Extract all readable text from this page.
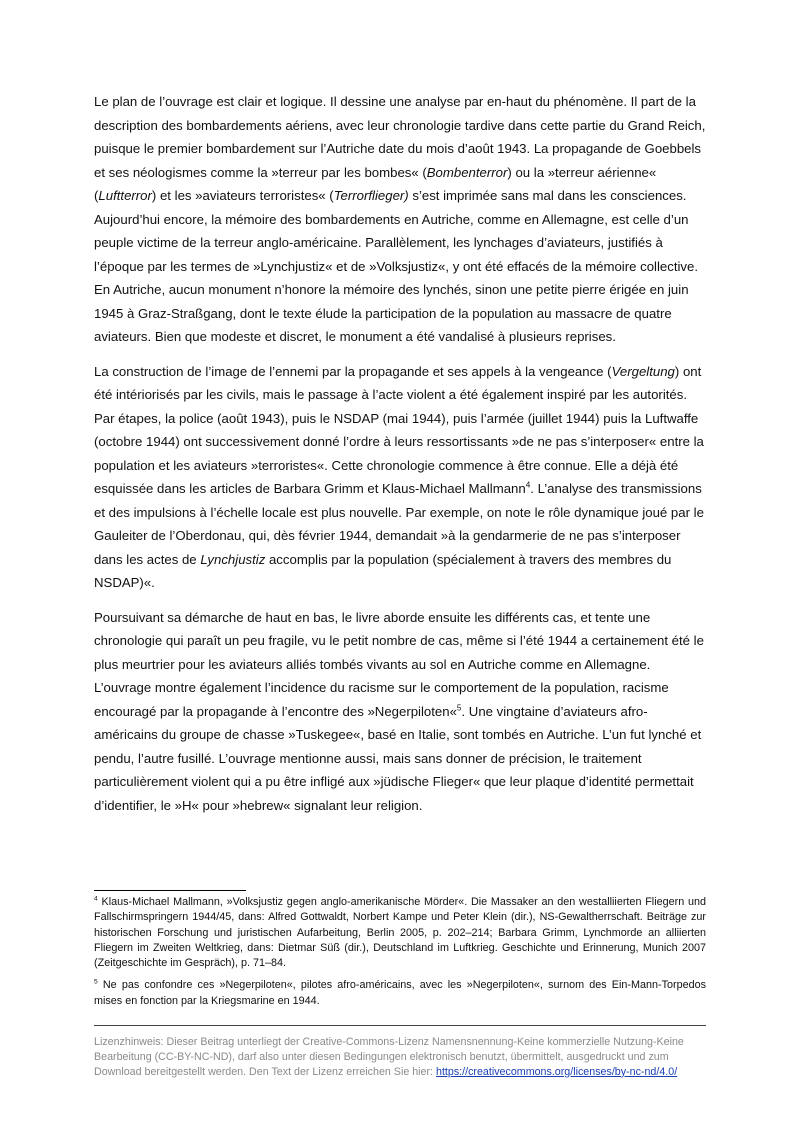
Le plan de l’ouvrage est clair et logique. Il dessine une analyse par en-haut du phénomène. Il part de la description des bombardements aériens, avec leur chronologie tardive dans cette partie du Grand Reich, puisque le premier bombardement sur l’Autriche date du mois d’août 1943. La propagande de Goebbels et ses néologismes comme la »terreur par les bombes« (Bombenterror) ou la »terreur aérienne« (Luftterror) et les »aviateurs terroristes« (Terrorflieger) s’est imprimée sans mal dans les consciences. Aujourd’hui encore, la mémoire des bombardements en Autriche, comme en Allemagne, est celle d’un peuple victime de la terreur anglo-américaine. Parallèlement, les lynchages d’aviateurs, justifiés à l’époque par les termes de »Lynchjustiz« et de »Volksjustiz«, y ont été effacés de la mémoire collective. En Autriche, aucun monument n’honore la mémoire des lynchés, sinon une petite pierre érigée en juin 1945 à Graz-Straßgang, dont le texte élude la participation de la population au massacre de quatre aviateurs. Bien que modeste et discret, le monument a été vandalisé à plusieurs reprises.

La construction de l’image de l’ennemi par la propagande et ses appels à la vengeance (Vergeltung) ont été intériorisés par les civils, mais le passage à l’acte violent a été également inspiré par les autorités. Par étapes, la police (août 1943), puis le NSDAP (mai 1944), puis l’armée (juillet 1944) puis la Luftwaffe (octobre 1944) ont successivement donné l’ordre à leurs ressortissants »de ne pas s’interposer« entre la population et les aviateurs »terroristes«. Cette chronologie commence à être connue. Elle a déjà été esquissée dans les articles de Barbara Grimm et Klaus-Michael Mallmann$^4$. L’analyse des transmissions et des impulsions à l’échelle locale est plus nouvelle. Par exemple, on note le rôle dynamique joué par le Gauleiter de l’Oberdonau, qui, dès février 1944, demandait »à la gendarmerie de ne pas s’interposer dans les actes de Lynchjustiz accomplis par la population (spécialement à travers des membres du NSDAP)«.

Poursuivant sa démarche de haut en bas, le livre aborde ensuite les différents cas, et tente une chronologie qui paraît un peu fragile, vu le petit nombre de cas, même si l’été 1944 a certainement été le plus meurtrier pour les aviateurs alliés tombés vivants au sol en Autriche comme en Allemagne. L’ouvrage montre également l’incidence du racisme sur le comportement de la population, racisme encouragé par la propagande à l’encontre des »Negerpiloten«$^5$. Une vingtaine d’aviateurs afro-américains du groupe de chasse »Tuskegee«, basé en Italie, sont tombés en Autriche. L’un fut lynché et pendu, l’autre fusillé. L’ouvrage mentionne aussi, mais sans donner de précision, le traitement particulièrement violent qui a pu être infligé aux »jüdische Flieger« que leur plaque d’identité permettait d’identifier, le »H« pour »hebrew« signalant leur religion.

$^4$ Klaus-Michael Mallmann, »Volksjustiz gegen anglo-amerikanische Mörder«. Die Massaker an den westalliierten Fliegern und Fallschirmspringern 1944/45, dans: Alfred Gottwaldt, Norbert Kampe und Peter Klein (dir.), NS-Gewaltherrschaft. Beiträge zur historischen Forschung und juristischen Aufarbeitung, Berlin 2005, p. 202–214; Barbara Grimm, Lynchmorde an alliierten Fliegern im Zweiten Weltkrieg, dans: Dietmar Süß (dir.), Deutschland im Luftkrieg. Geschichte und Erinnerung, Munich 2007 (Zeitgeschichte im Gespräch), p. 71–84.

$^5$ Ne pas confondre ces »Negerpiloten«, pilotes afro-américains, avec les »Negerpiloten«, surnom des Ein-Mann-Torpedos mises en fonction par la Kriegsmarine en 1944.

Lizenzhinweis: Dieser Beitrag unterliegt der Creative-Commons-Lizenz Namensnennung-Keine kommerzielle Nutzung-Keine Bearbeitung (CC-BY-NC-ND), darf also unter diesen Bedingungen elektronisch benutzt, übermittelt, ausgedruckt und zum Download bereitgestellt werden. Den Text der Lizenz erreichen Sie hier: https://creativecommons.org/licenses/by-nc-nd/4.0/
